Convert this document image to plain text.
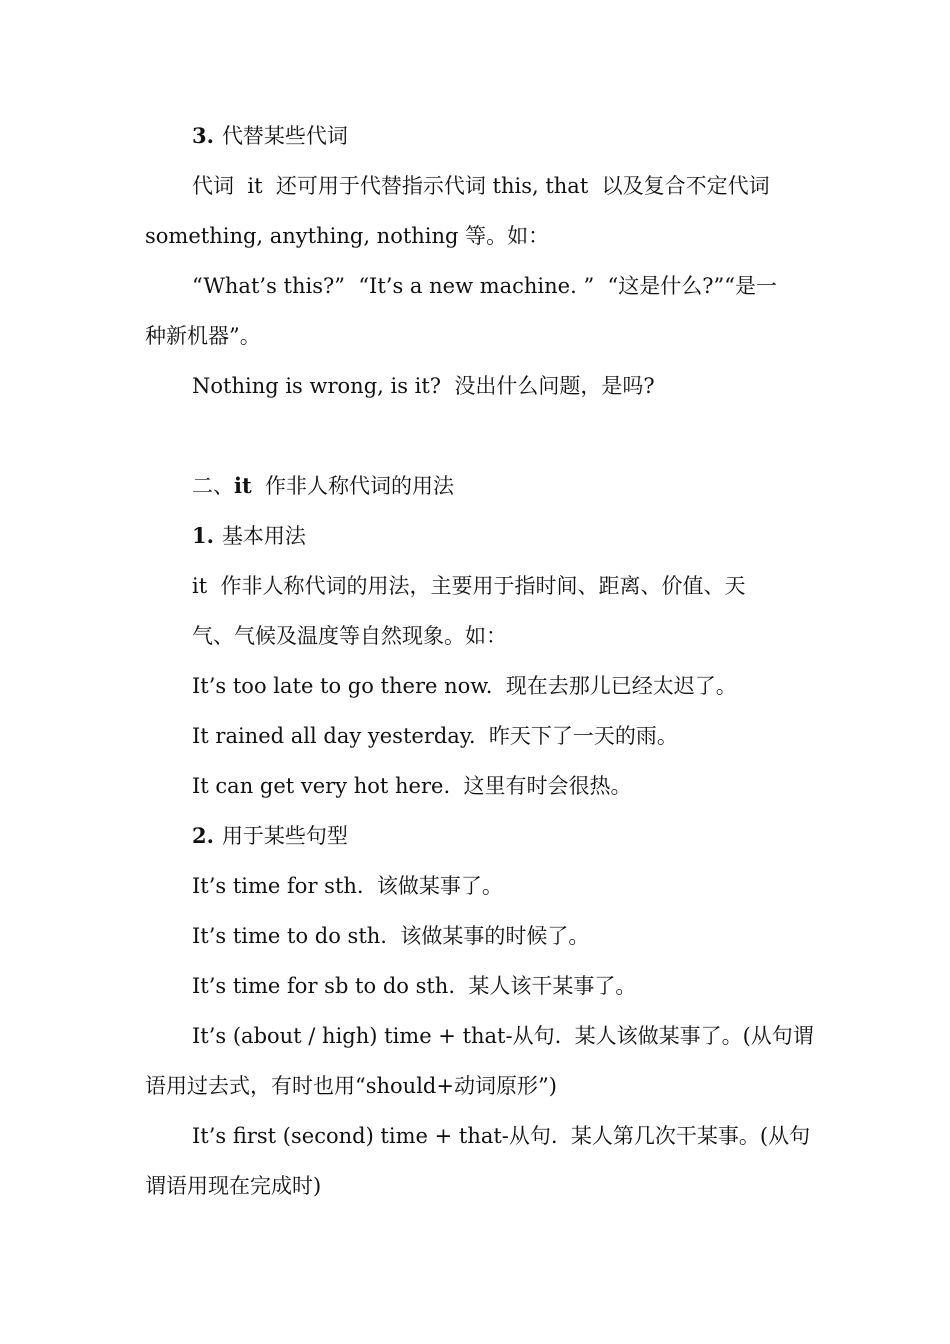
3. 代替某些代词
代词  it  还可用于代替指示代词 this, that  以及复合不定代词
something, anything, nothing 等。如：
“What’s this?”  “It’s a new machine. ”  “这是什么?”“是一
种新机器”。
Nothing is wrong, is it?  没出什么问题，是吗?
二、it  作非人称代词的用法
1. 基本用法
it  作非人称代词的用法，主要用于指时间、距离、价值、天
气、气候及温度等自然现象。如：
It’s too late to go there now.  现在去那儿已经太迟了。
It rained all day yesterday.  昨天下了一天的雨。
It can get very hot here.  这里有时会很热。
2. 用于某些句型
It’s time for sth.  该做某事了。
It’s time to do sth.  该做某事的时候了。
It’s time for sb to do sth.  某人该干某事了。
It’s (about / high) time + that-从句.  某人该做某事了。(从句谓
语用过去式，有时也用“should+动词原形”)
It’s first (second) time + that-从句.  某人第几次干某事。(从句
谓语用现在完成时)
